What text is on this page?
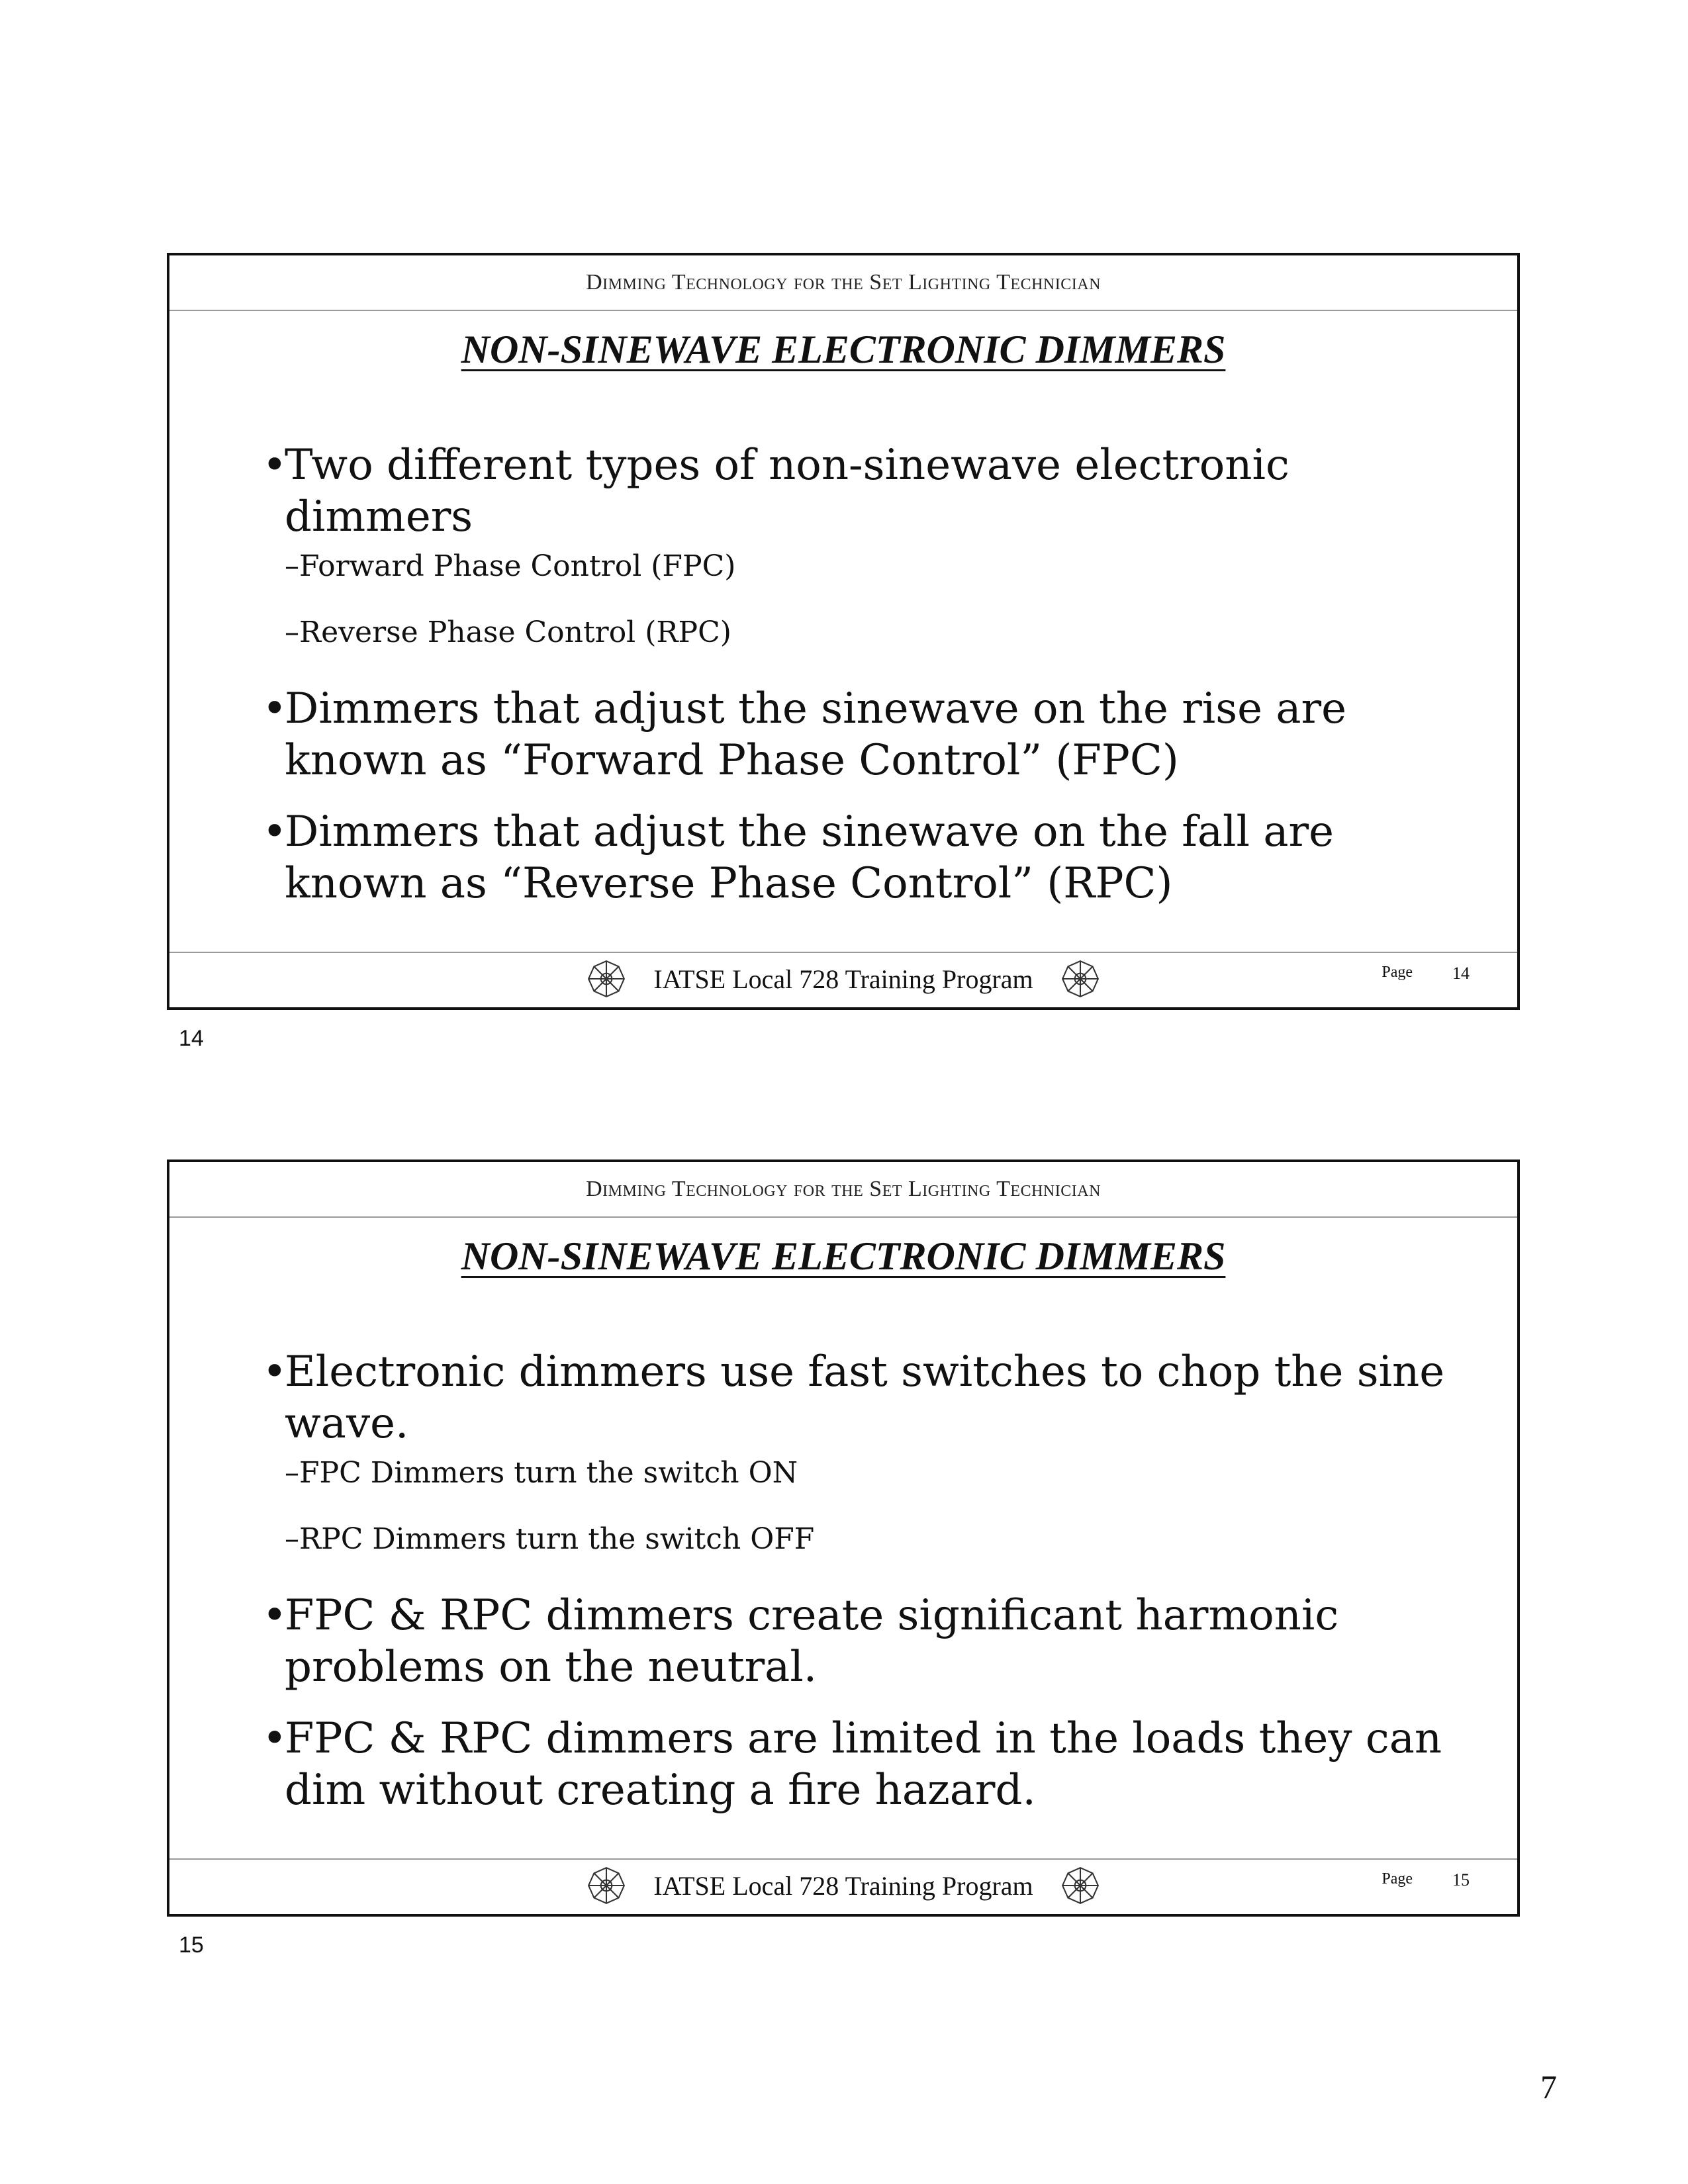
Dimming Technology for the Set Lighting Technician
NON-SINEWAVE ELECTRONIC DIMMERS
•
Two different types of non-sinewave electronic dimmers
–Forward Phase Control (FPC)
–Reverse Phase Control (RPC)
•
Dimmers that adjust the sinewave on the rise are known as “Forward Phase Control” (FPC)
•
Dimmers that adjust the sinewave on the fall are known as “Reverse Phase Control” (RPC)
IATSE Local 728 Training Program	Page 14
14
Dimming Technology for the Set Lighting Technician
NON-SINEWAVE ELECTRONIC DIMMERS
•
Electronic dimmers use fast switches to chop the sine wave.
–FPC Dimmers turn the switch ON
–RPC Dimmers turn the switch OFF
•
FPC & RPC dimmers create significant harmonic problems on the neutral.
•
FPC & RPC dimmers are limited in the loads they can dim without creating a fire hazard.
IATSE Local 728 Training Program	Page 15
15
7
